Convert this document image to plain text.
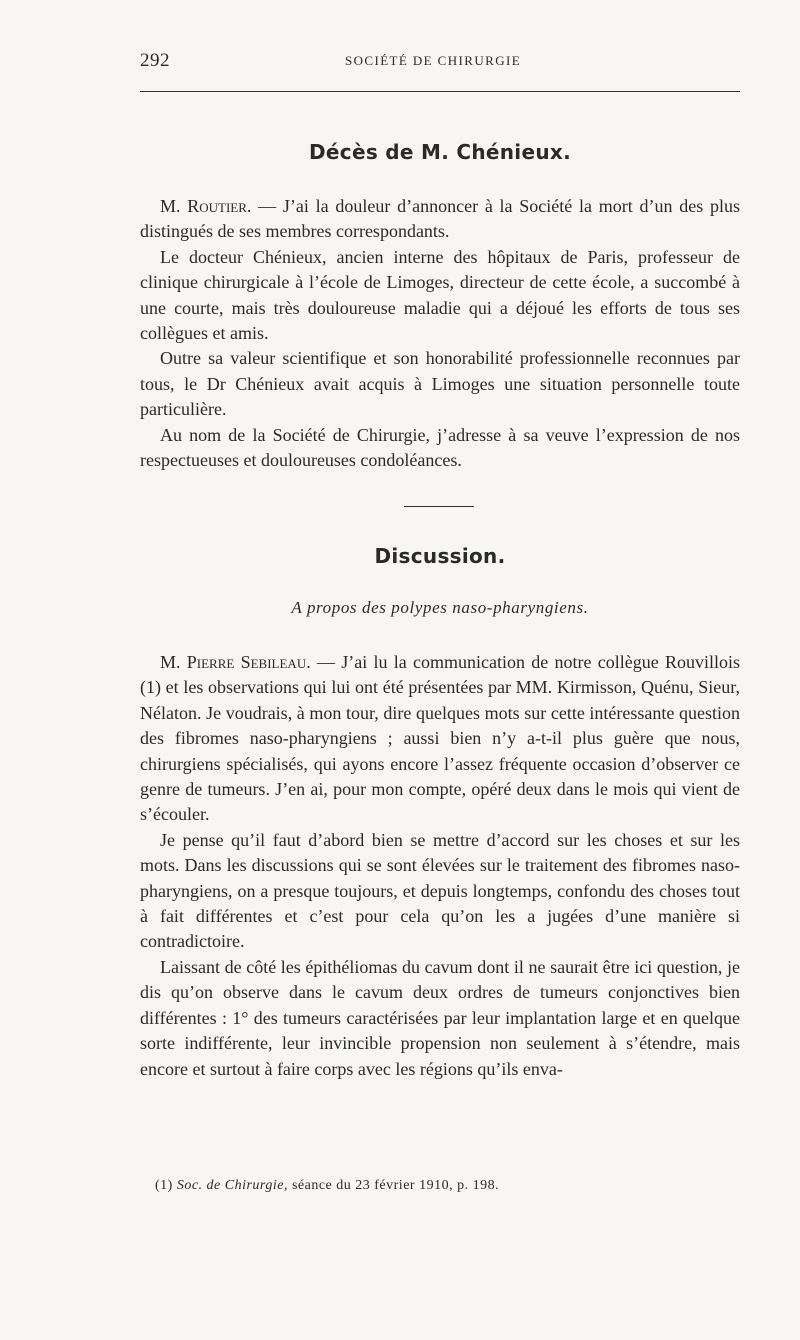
292	SOCIÉTÉ DE CHIRURGIE
Décès de M. Chénieux.

M. Routier. — J’ai la douleur d’annoncer à la Société la mort d’un des plus distingués de ses membres correspondants.

Le docteur Chénieux, ancien interne des hôpitaux de Paris, professeur de clinique chirurgicale à l’école de Limoges, directeur de cette école, a succombé à une courte, mais très douloureuse maladie qui a déjoué les efforts de tous ses collègues et amis.

Outre sa valeur scientifique et son honorabilité professionnelle reconnues par tous, le Dr Chénieux avait acquis à Limoges une situation personnelle toute particulière.

Au nom de la Société de Chirurgie, j’adresse à sa veuve l’expression de nos respectueuses et douloureuses condoléances.

Discussion.

A propos des polypes naso-pharyngiens.

M. Pierre Sebileau. — J’ai lu la communication de notre collègue Rouvillois (1) et les observations qui lui ont été présentées par MM. Kirmisson, Quénu, Sieur, Nélaton. Je voudrais, à mon tour, dire quelques mots sur cette intéressante question des fibromes naso-pharyngiens ; aussi bien n’y a-t-il plus guère que nous, chirurgiens spécialisés, qui ayons encore l’assez fréquente occasion d’observer ce genre de tumeurs. J’en ai, pour mon compte, opéré deux dans le mois qui vient de s’écouler.

Je pense qu’il faut d’abord bien se mettre d’accord sur les choses et sur les mots. Dans les discussions qui se sont élevées sur le traitement des fibromes naso-pharyngiens, on a presque toujours, et depuis longtemps, confondu des choses tout à fait différentes et c’est pour cela qu’on les a jugées d’une manière si contradictoire.

Laissant de côté les épithéliomas du cavum dont il ne saurait être ici question, je dis qu’on observe dans le cavum deux ordres de tumeurs conjonctives bien différentes : 1° des tumeurs caractérisées par leur implantation large et en quelque sorte indifférente, leur invincible propension non seulement à s’étendre, mais encore et surtout à faire corps avec les régions qu’ils enva-

(1) Soc. de Chirurgie, séance du 23 février 1910, p. 198.
